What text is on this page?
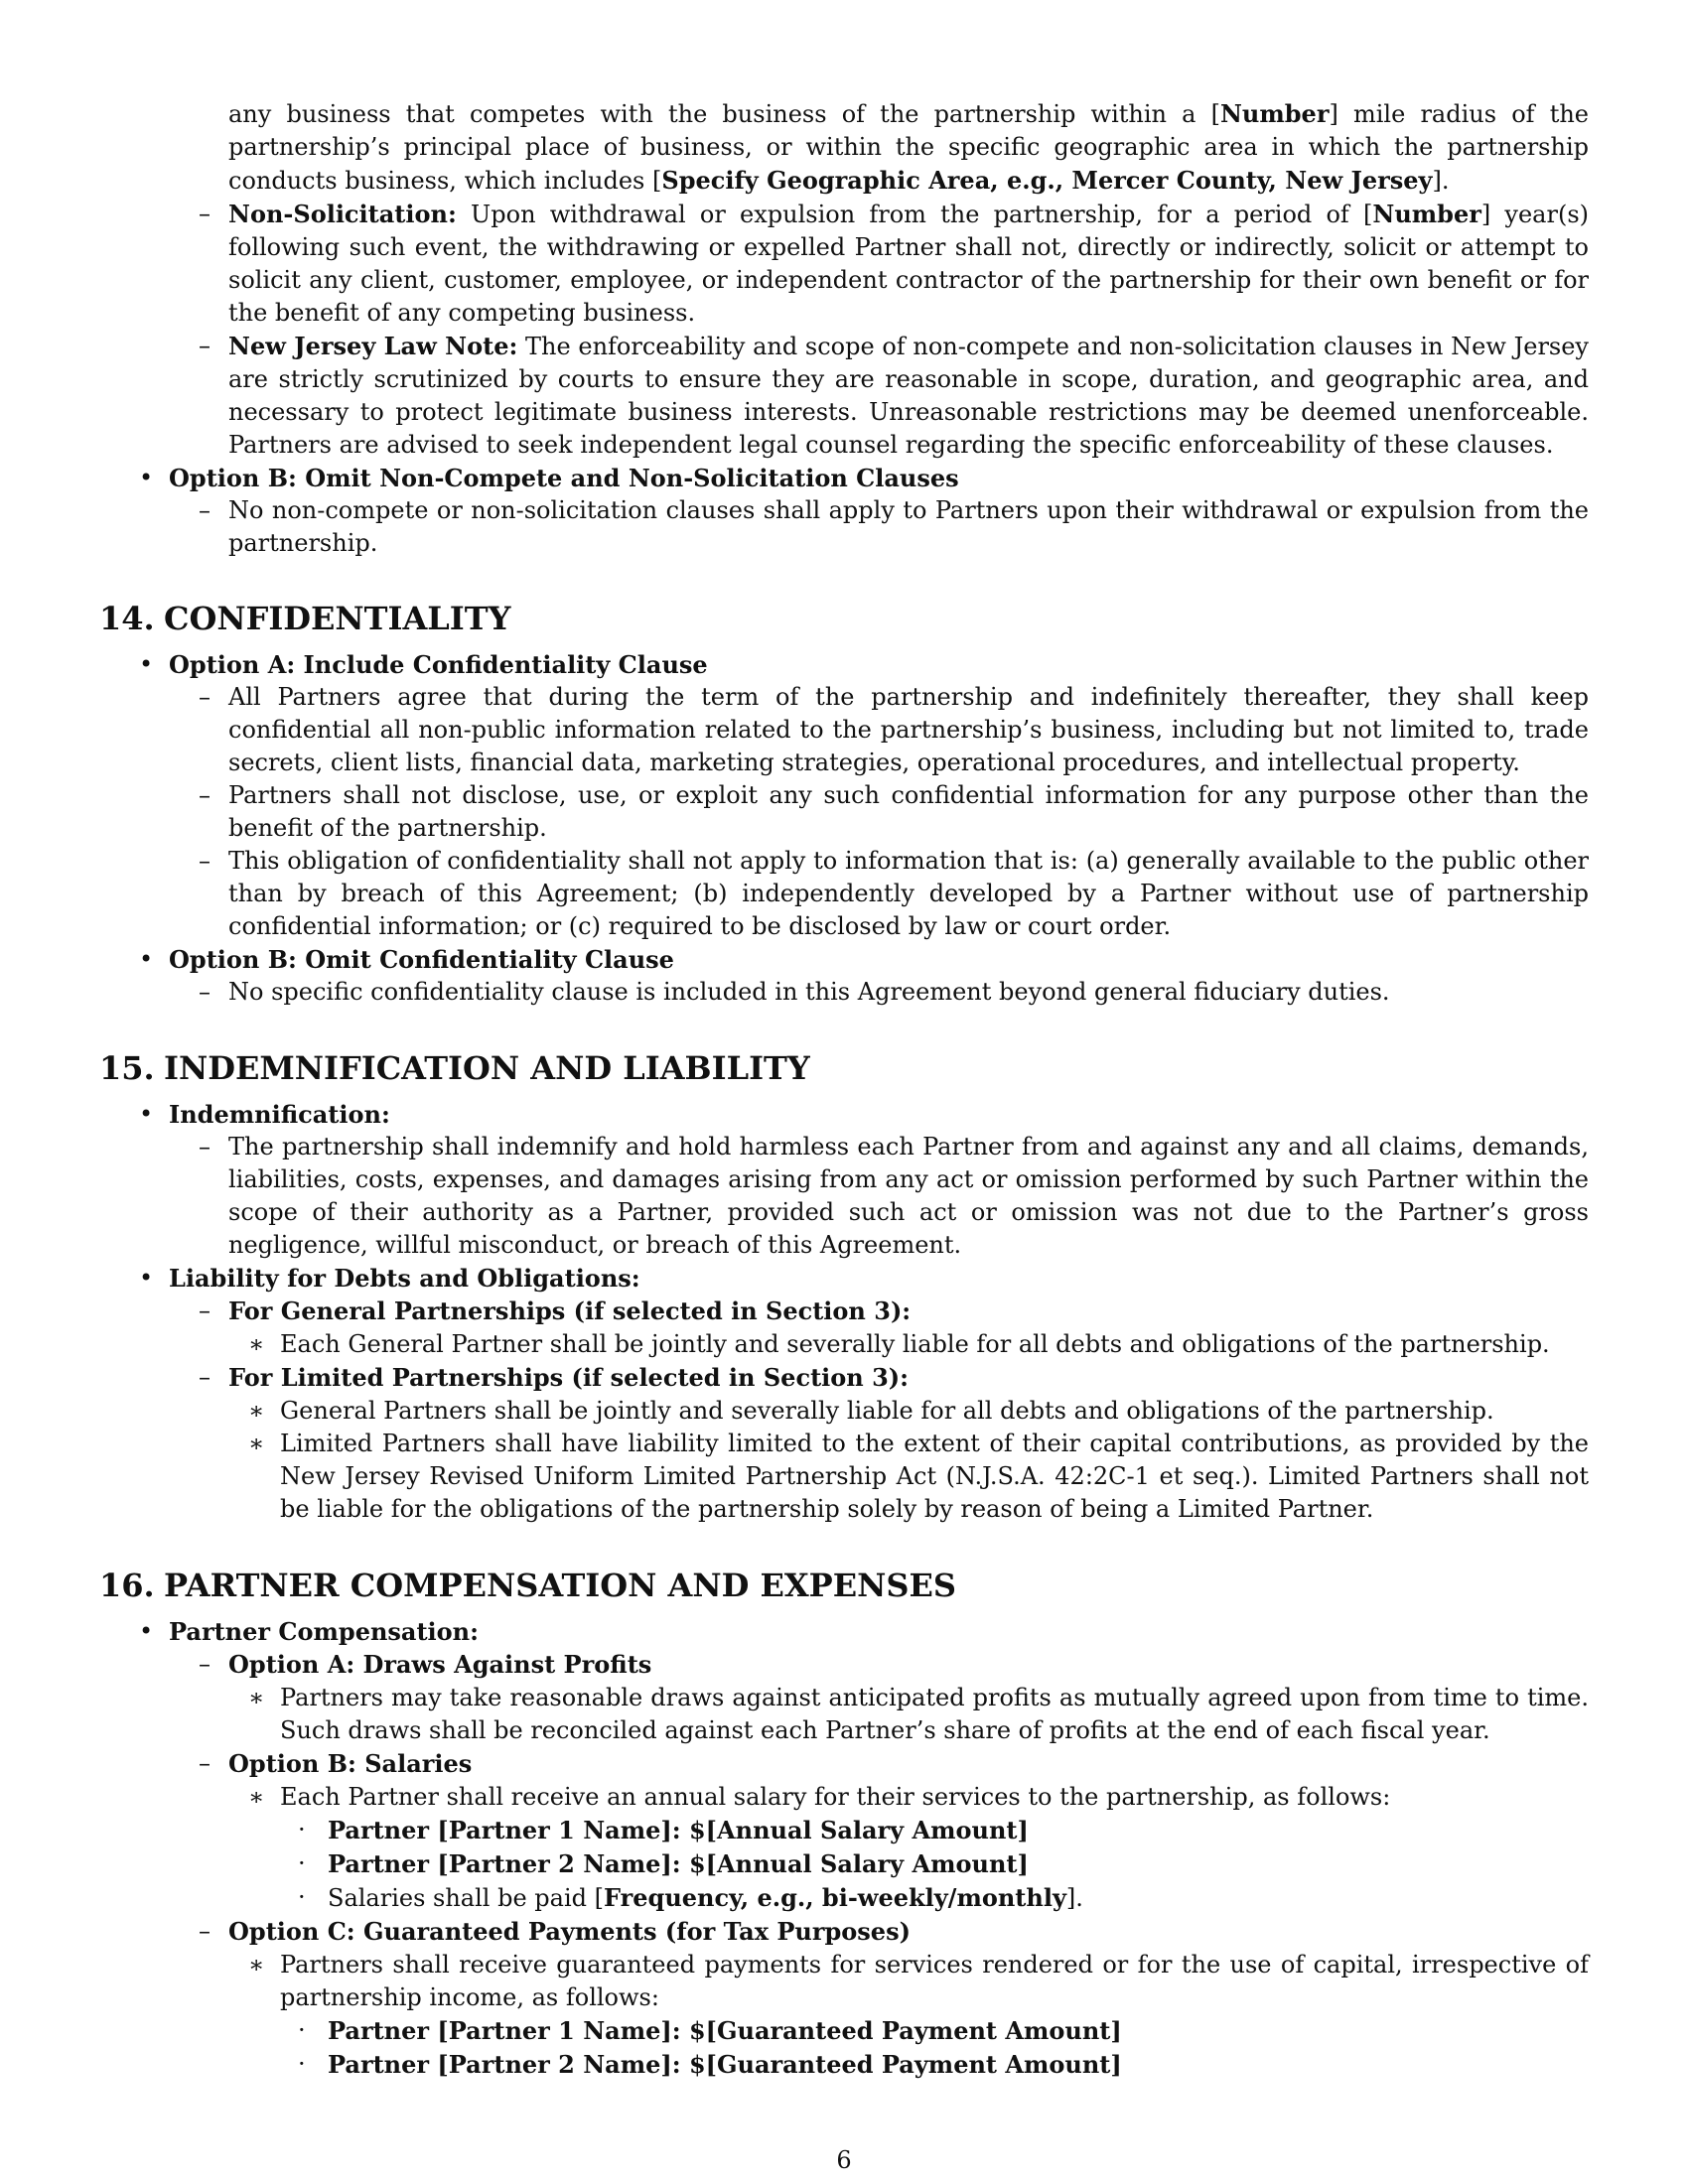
any business that competes with the business of the partnership within a [Number] mile radius of the partnership’s principal place of business, or within the specific geographic area in which the partnership conducts business, which includes [Specify Geographic Area, e.g., Mercer County, New Jersey].

– Non-Solicitation: Upon withdrawal or expulsion from the partnership, for a period of [Number] year(s) following such event, the withdrawing or expelled Partner shall not, directly or indirectly, solicit or attempt to solicit any client, customer, employee, or independent contractor of the partnership for their own benefit or for the benefit of any competing business.

– New Jersey Law Note: The enforceability and scope of non-compete and non-solicitation clauses in New Jersey are strictly scrutinized by courts to ensure they are reasonable in scope, duration, and geographic area, and necessary to protect legitimate business interests. Unreasonable restrictions may be deemed unenforceable. Partners are advised to seek independent legal counsel regarding the specific enforceability of these clauses.

• Option B: Omit Non-Compete and Non-Solicitation Clauses

– No non-compete or non-solicitation clauses shall apply to Partners upon their withdrawal or expulsion from the partnership.

14. CONFIDENTIALITY

• Option A: Include Confidentiality Clause

– All Partners agree that during the term of the partnership and indefinitely thereafter, they shall keep confidential all non-public information related to the partnership’s business, including but not limited to, trade secrets, client lists, financial data, marketing strategies, operational procedures, and intellectual property.

– Partners shall not disclose, use, or exploit any such confidential information for any purpose other than the benefit of the partnership.

– This obligation of confidentiality shall not apply to information that is: (a) generally available to the public other than by breach of this Agreement; (b) independently developed by a Partner without use of partnership confidential information; or (c) required to be disclosed by law or court order.

• Option B: Omit Confidentiality Clause

– No specific confidentiality clause is included in this Agreement beyond general fiduciary duties.

15. INDEMNIFICATION AND LIABILITY

• Indemnification:

– The partnership shall indemnify and hold harmless each Partner from and against any and all claims, demands, liabilities, costs, expenses, and damages arising from any act or omission performed by such Partner within the scope of their authority as a Partner, provided such act or omission was not due to the Partner’s gross negligence, willful misconduct, or breach of this Agreement.

• Liability for Debts and Obligations:

– For General Partnerships (if selected in Section 3):

∗ Each General Partner shall be jointly and severally liable for all debts and obligations of the partnership.

– For Limited Partnerships (if selected in Section 3):

∗ General Partners shall be jointly and severally liable for all debts and obligations of the partnership.

∗ Limited Partners shall have liability limited to the extent of their capital contributions, as provided by the New Jersey Revised Uniform Limited Partnership Act (N.J.S.A. 42:2C-1 et seq.). Limited Partners shall not be liable for the obligations of the partnership solely by reason of being a Limited Partner.

16. PARTNER COMPENSATION AND EXPENSES

• Partner Compensation:

– Option A: Draws Against Profits

∗ Partners may take reasonable draws against anticipated profits as mutually agreed upon from time to time. Such draws shall be reconciled against each Partner’s share of profits at the end of each fiscal year.

– Option B: Salaries

∗ Each Partner shall receive an annual salary for their services to the partnership, as follows:

· Partner [Partner 1 Name]: $[Annual Salary Amount]

· Partner [Partner 2 Name]: $[Annual Salary Amount]

· Salaries shall be paid [Frequency, e.g., bi-weekly/monthly].

– Option C: Guaranteed Payments (for Tax Purposes)

∗ Partners shall receive guaranteed payments for services rendered or for the use of capital, irrespective of partnership income, as follows:

· Partner [Partner 1 Name]: $[Guaranteed Payment Amount]

· Partner [Partner 2 Name]: $[Guaranteed Payment Amount]

6
